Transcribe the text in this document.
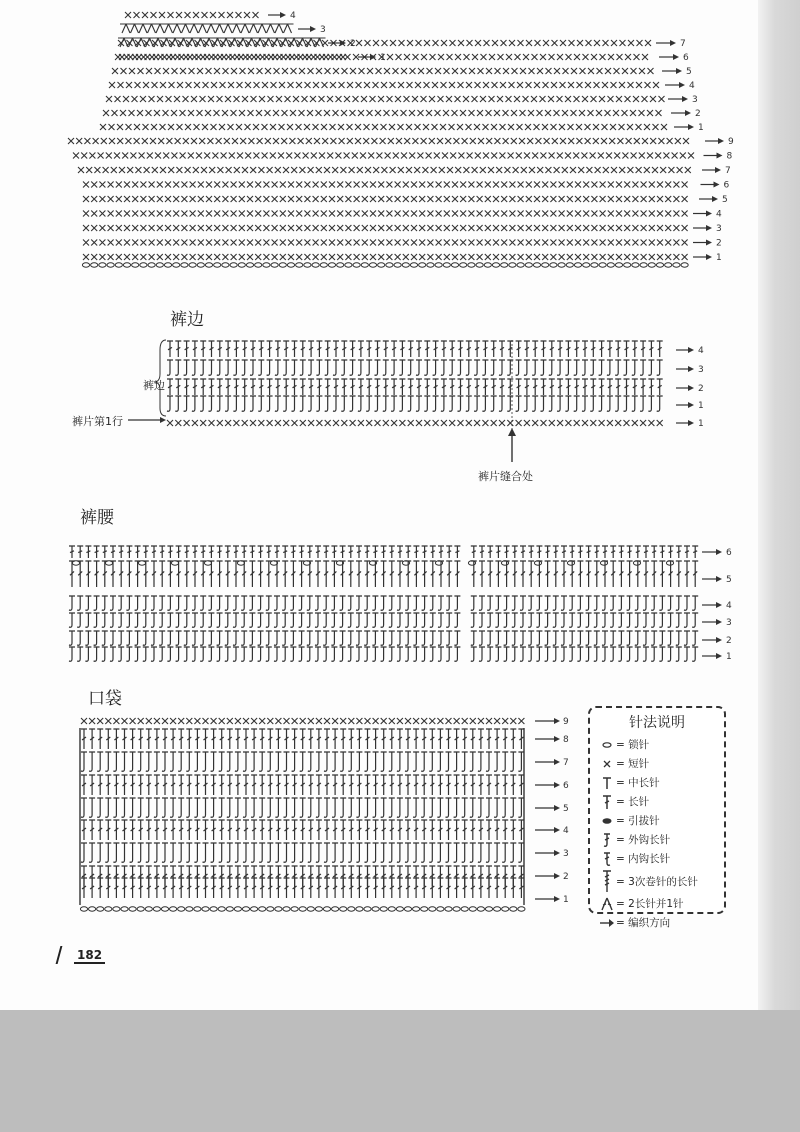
1
2
3
4
5
6
7
8
9
1
2
3
4
5
6
7
1
2
3
4
1
1
2
3
4
1
2
3
4
5
6
1
2
3
4
5
6
7
8
9
裤边
裤边
裤片第1行
裤片缝合处
裤腰
口袋
针法说明
= 锁针
= 短针
= 中长针
= 长针
= 引拔针
= 外钩长针
= 内钩长针
= 3次卷针的长针
= 2长针并1针
= 编织方向
182
